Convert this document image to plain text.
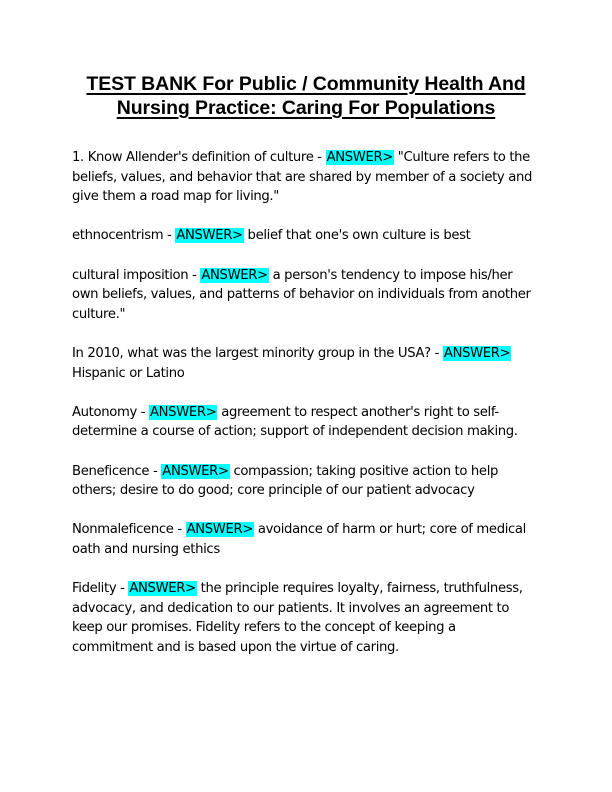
TEST BANK For Public / Community Health And Nursing Practice: Caring For Populations

1. Know Allender's definition of culture - ANSWER> "Culture refers to the beliefs, values, and behavior that are shared by member of a society and give them a road map for living."

ethnocentrism - ANSWER> belief that one's own culture is best

cultural imposition - ANSWER> a person's tendency to impose his/her own beliefs, values, and patterns of behavior on individuals from another culture."

In 2010, what was the largest minority group in the USA? - ANSWER> Hispanic or Latino

Autonomy - ANSWER> agreement to respect another's right to self-determine a course of action; support of independent decision making.

Beneficence - ANSWER> compassion; taking positive action to help others; desire to do good; core principle of our patient advocacy

Nonmaleficence - ANSWER> avoidance of harm or hurt; core of medical oath and nursing ethics

Fidelity - ANSWER> the principle requires loyalty, fairness, truthfulness, advocacy, and dedication to our patients. It involves an agreement to keep our promises. Fidelity refers to the concept of keeping a commitment and is based upon the virtue of caring.
